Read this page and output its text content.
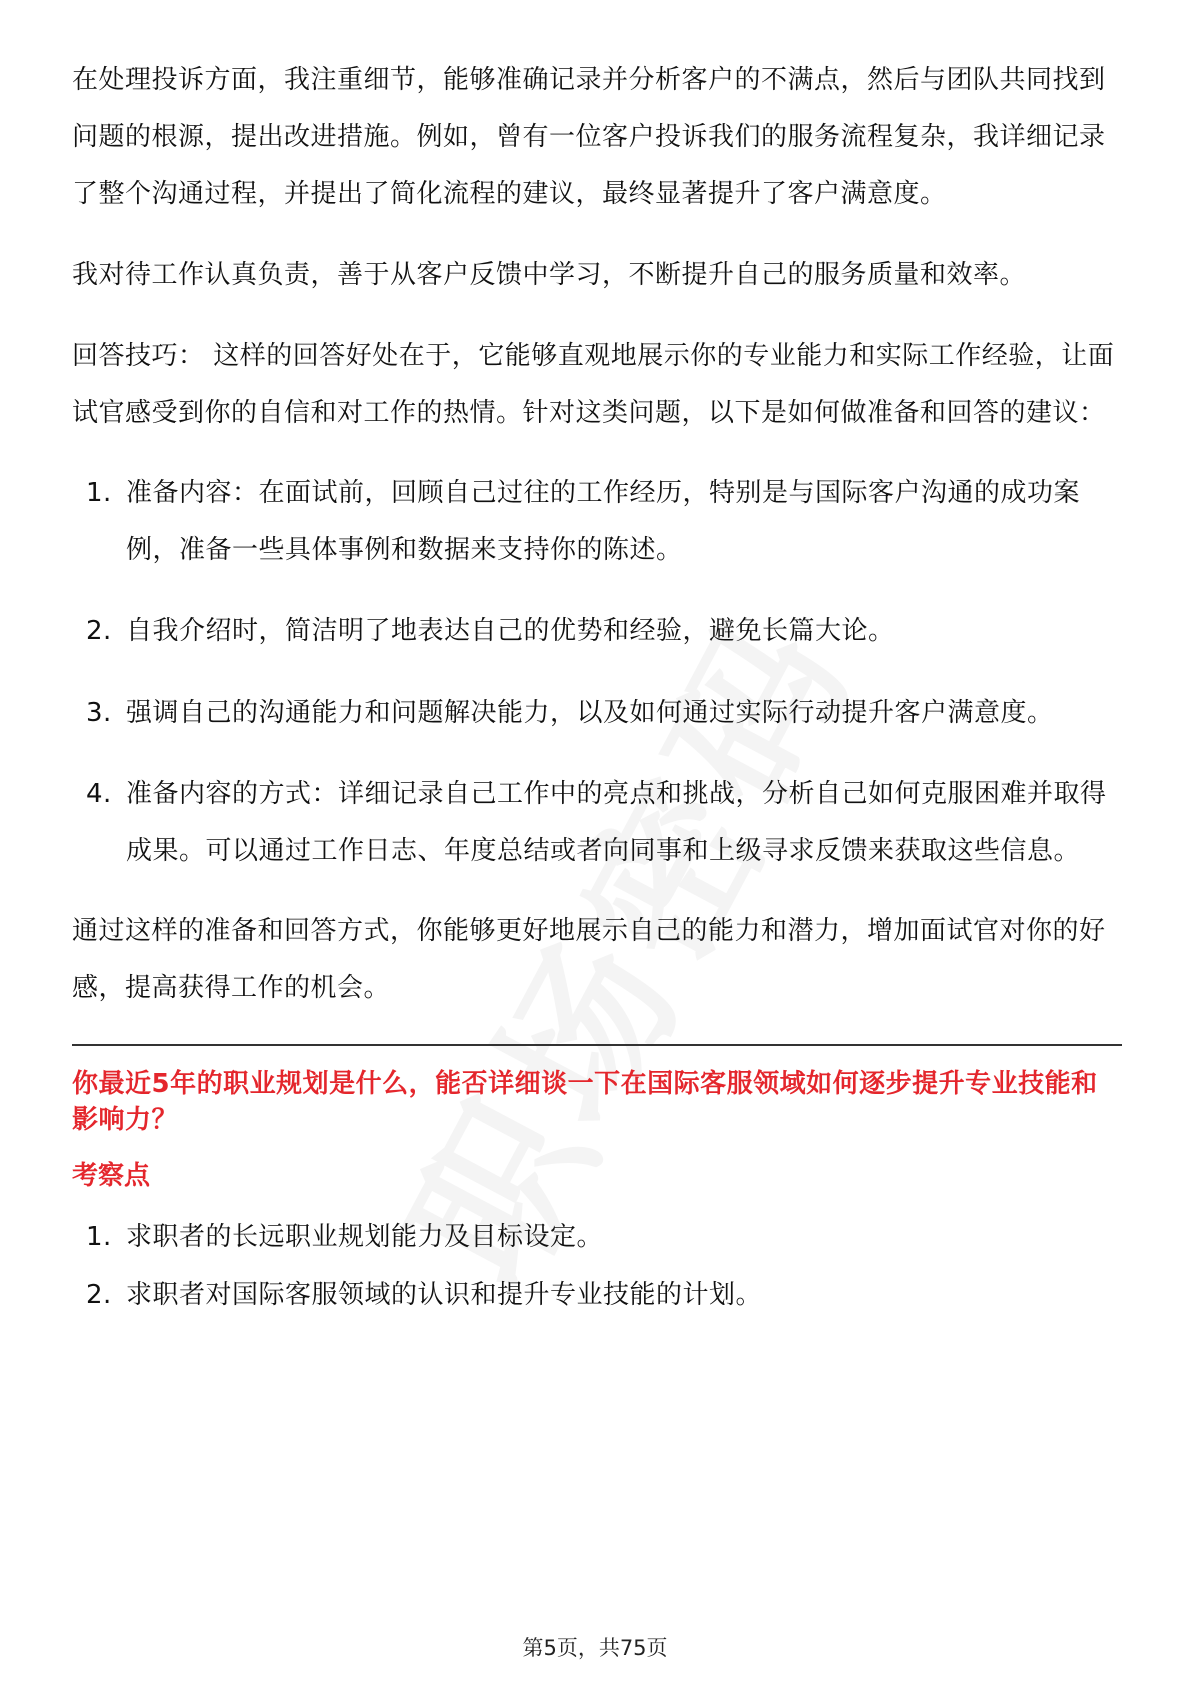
在处理投诉方面，我注重细节，能够准确记录并分析客户的不满点，然后与团队共同找到问题的根源，提出改进措施。例如，曾有一位客户投诉我们的服务流程复杂，我详细记录了整个沟通过程，并提出了简化流程的建议，最终显著提升了客户满意度。

我对待工作认真负责，善于从客户反馈中学习，不断提升自己的服务质量和效率。

回答技巧： 这样的回答好处在于，它能够直观地展示你的专业能力和实际工作经验，让面试官感受到你的自信和对工作的热情。针对这类问题，以下是如何做准备和回答的建议：

1. 准备内容：在面试前，回顾自己过往的工作经历，特别是与国际客户沟通的成功案例，准备一些具体事例和数据来支持你的陈述。
2. 自我介绍时，简洁明了地表达自己的优势和经验，避免长篇大论。
3. 强调自己的沟通能力和问题解决能力，以及如何通过实际行动提升客户满意度。
4. 准备内容的方式：详细记录自己工作中的亮点和挑战，分析自己如何克服困难并取得成果。可以通过工作日志、年度总结或者向同事和上级寻求反馈来获取这些信息。

通过这样的准备和回答方式，你能够更好地展示自己的能力和潜力，增加面试官对你的好感，提高获得工作的机会。

你最近5年的职业规划是什么，能否详细谈一下在国际客服领域如何逐步提升专业技能和影响力？
考察点
1. 求职者的长远职业规划能力及目标设定。
2. 求职者对国际客服领域的认识和提升专业技能的计划。
第5页，共75页
